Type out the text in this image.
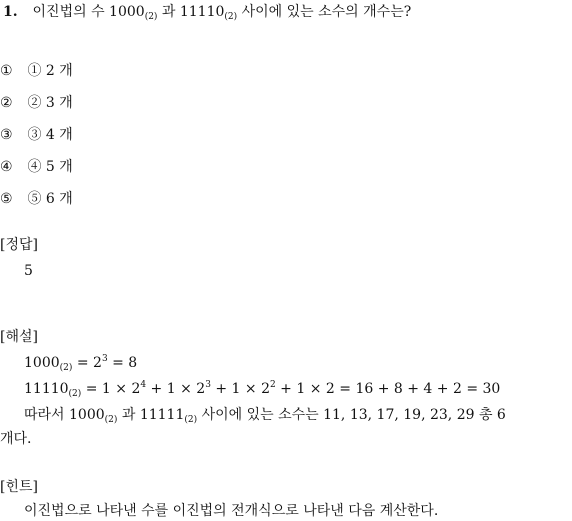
1. 이진법의 수 $1000_{(2)}$ 과 $11110_{(2)}$ 사이에 있는 소수의 개수는?
① ① 2 개
② ② 3 개
③ ③ 4 개
④ ④ 5 개
⑤ ⑤ 6 개
[정답]
5
[해설]
$1000_{(2)} = 2^3 = 8$
$11110_{(2)} = 1 \times 2^4 + 1 \times 2^3 + 1 \times 2^2 + 1 \times 2 = 16 + 8 + 4 + 2 = 30$
따라서 $1000_{(2)}$ 과 $11111_{(2)}$ 사이에 있는 소수는 11, 13, 17, 19, 23, 29 총 6
개다.
[힌트]
이진법으로 나타낸 수를 이진법의 전개식으로 나타낸 다음 계산한다.
